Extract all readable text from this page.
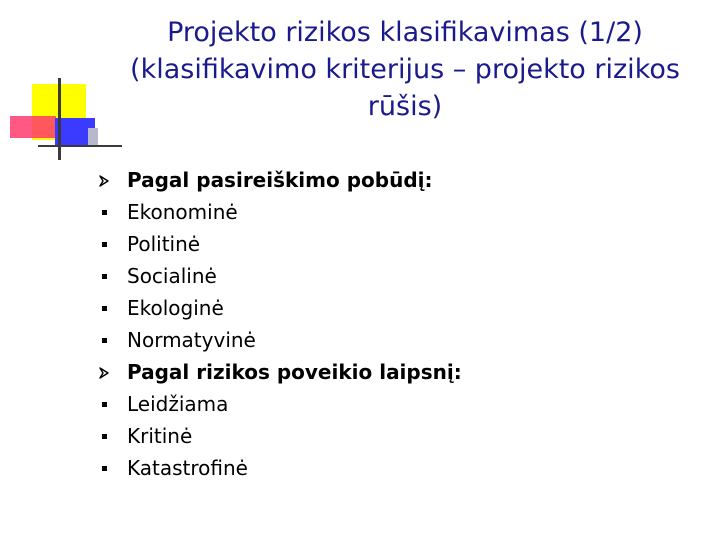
Projekto rizikos klasifikavimas (1/2)
(klasifikavimo kriterijus – projekto rizikos
rūšis)
Pagal pasireiškimo pobūdį:
Ekonominė
Politinė
Socialinė
Ekologinė
Normatyvinė
Pagal rizikos poveikio laipsnį:
Leidžiama
Kritinė
Katastrofinė
